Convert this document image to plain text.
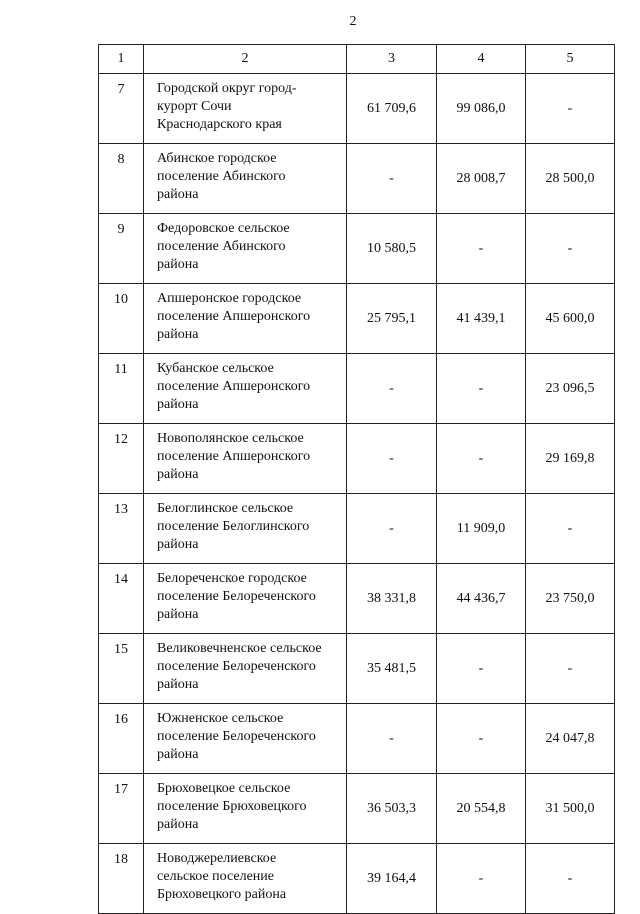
2
1	2	3	4	5
7	Городской округ город-
курорт Сочи
Краснодарского края	61 709,6	99 086,0	-
8	Абинское городское
поселение Абинского
района	-	28 008,7	28 500,0
9	Федоровское сельское
поселение Абинского
района	10 580,5	-	-
10	Апшеронское городское
поселение Апшеронского
района	25 795,1	41 439,1	45 600,0
11	Кубанское сельское
поселение Апшеронского
района	-	-	23 096,5
12	Новополянское сельское
поселение Апшеронского
района	-	-	29 169,8
13	Белоглинское сельское
поселение Белоглинского
района	-	11 909,0	-
14	Белореченское городское
поселение Белореченского
района	38 331,8	44 436,7	23 750,0
15	Великовечненское сельское
поселение Белореченского
района	35 481,5	-	-
16	Южненское сельское
поселение Белореченского
района	-	-	24 047,8
17	Брюховецкое сельское
поселение Брюховецкого
района	36 503,3	20 554,8	31 500,0
18	Новоджерелиевское
сельское поселение
Брюховецкого района	39 164,4	-	-
